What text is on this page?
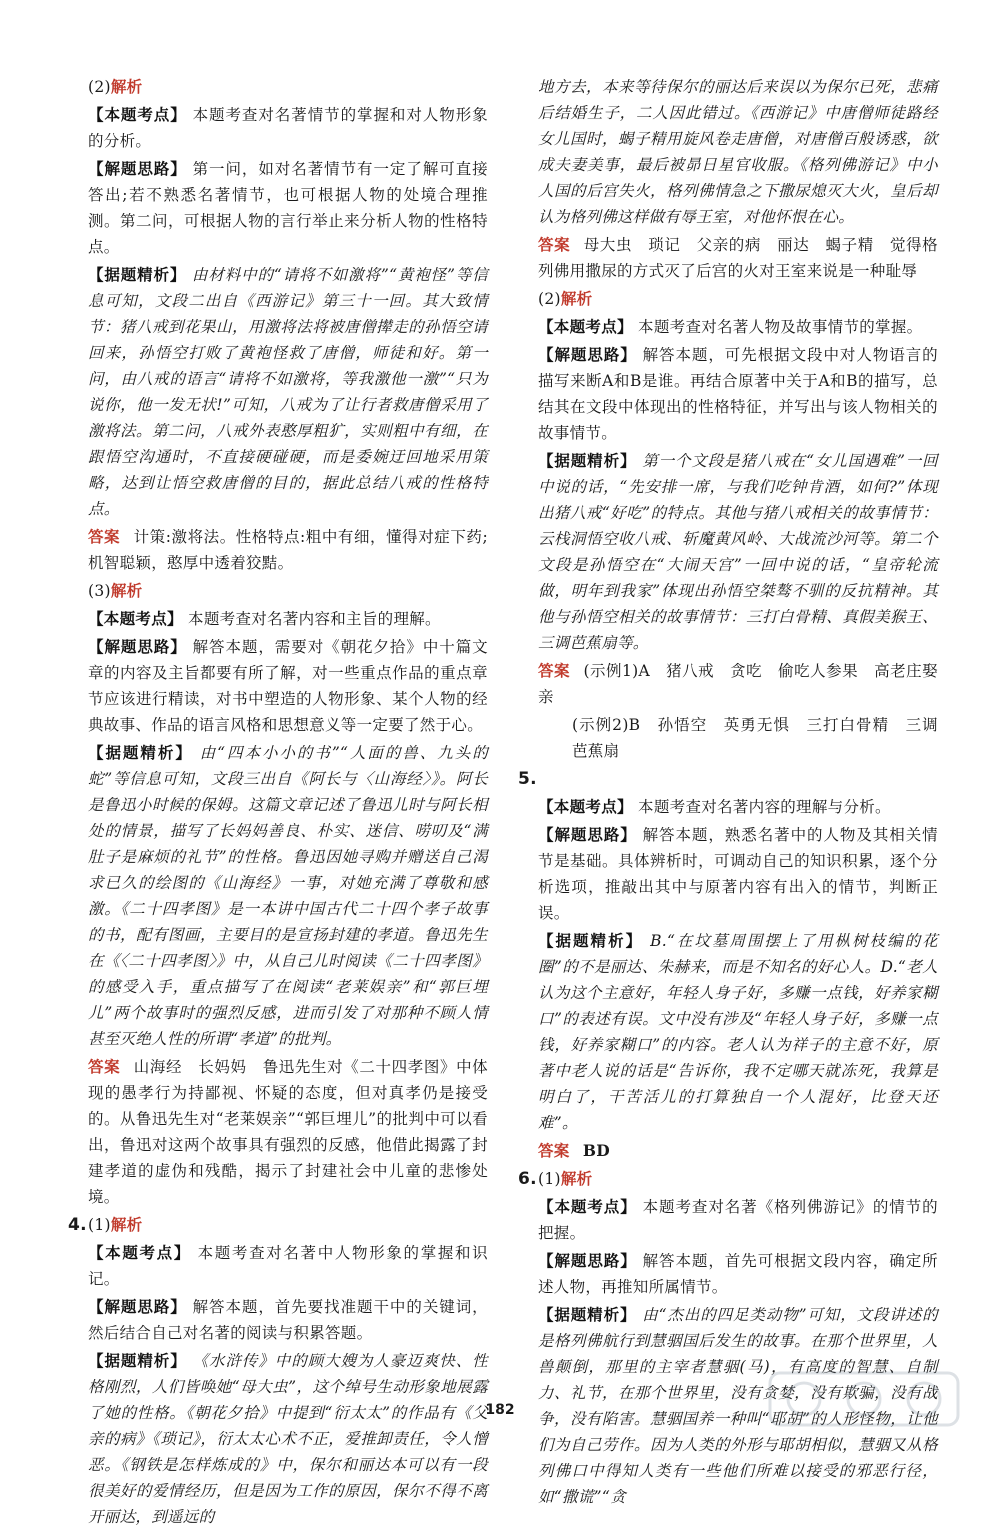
(2)解析
【本题考点】 本题考查对名著情节的掌握和对人物形象的分析。
【解题思路】 第一问，如对名著情节有一定了解可直接答出;若不熟悉名著情节，也可根据人物的处境合理推测。第二问，可根据人物的言行举止来分析人物的性格特点。
【据题精析】 由材料中的“请将不如激将”“黄袍怪”等信息可知，文段二出自《西游记》第三十一回。其大致情节：猪八戒到花果山，用激将法将被唐僧撵走的孙悟空请回来，孙悟空打败了黄袍怪救了唐僧，师徒和好。第一问，由八戒的语言“请将不如激将，等我激他一激”“只为说你，他一发无状!”可知，八戒为了让行者救唐僧采用了激将法。第二问，八戒外表憨厚粗犷，实则粗中有细，在跟悟空沟通时，不直接硬碰硬，而是委婉迂回地采用策略，达到让悟空救唐僧的目的，据此总结八戒的性格特点。
答案 计策:激将法。性格特点:粗中有细，懂得对症下药;机智聪颖，憨厚中透着狡黠。
(3)解析
【本题考点】 本题考查对名著内容和主旨的理解。
【解题思路】 解答本题，需要对《朝花夕拾》中十篇文章的内容及主旨都要有所了解，对一些重点作品的重点章节应该进行精读，对书中塑造的人物形象、某个人物的经典故事、作品的语言风格和思想意义等一定要了然于心。
【据题精析】 由“四本小小的书”“人面的兽、九头的蛇”等信息可知，文段三出自《阿长与〈山海经〉》。阿长是鲁迅小时候的保姆。这篇文章记述了鲁迅儿时与阿长相处的情景，描写了长妈妈善良、朴实、迷信、唠叨及“满肚子是麻烦的礼节”的性格。鲁迅因她寻购并赠送自己渴求已久的绘图的《山海经》一事，对她充满了尊敬和感激。《二十四孝图》是一本讲中国古代二十四个孝子故事的书，配有图画，主要目的是宣扬封建的孝道。鲁迅先生在《〈二十四孝图〉》中，从自己儿时阅读《二十四孝图》的感受入手，重点描写了在阅读“老莱娱亲”和“郭巨埋儿”两个故事时的强烈反感，进而引发了对那种不顾人情甚至灭绝人性的所谓“孝道”的批判。
答案 山海经　长妈妈　鲁迅先生对《二十四孝图》中体现的愚孝行为持鄙视、怀疑的态度，但对真孝仍是接受的。从鲁迅先生对“老莱娱亲”“郭巨埋儿”的批判中可以看出，鲁迅对这两个故事具有强烈的反感，他借此揭露了封建孝道的虚伪和残酷，揭示了封建社会中儿童的悲惨处境。
4.(1)解析
【本题考点】 本题考查对名著中人物形象的掌握和识记。
【解题思路】 解答本题，首先要找准题干中的关键词，然后结合自己对名著的阅读与积累答题。
【据题精析】 《水浒传》中的顾大嫂为人豪迈爽快、性格刚烈，人们皆唤她“母大虫”，这个绰号生动形象地展露了她的性格。《朝花夕拾》中提到“衍太太”的作品有《父亲的病》《琐记》，衍太太心术不正，爱推卸责任，令人憎恶。《钢铁是怎样炼成的》中，保尔和丽达本可以有一段很美好的爱情经历，但是因为工作的原因，保尔不得不离开丽达，到遥远的
地方去，本来等待保尔的丽达后来误以为保尔已死，悲痛后结婚生子，二人因此错过。《西游记》中唐僧师徒路经女儿国时，蝎子精用旋风卷走唐僧，对唐僧百般诱惑，欲成夫妻美事，最后被昴日星官收服。《格列佛游记》中小人国的后宫失火，格列佛情急之下撒尿熄灭大火，皇后却认为格列佛这样做有辱王室，对他怀恨在心。
答案 母大虫　琐记　父亲的病　丽达　蝎子精　觉得格列佛用撒尿的方式灭了后宫的火对王室来说是一种耻辱
(2)解析
【本题考点】 本题考查对名著人物及故事情节的掌握。
【解题思路】 解答本题，可先根据文段中对人物语言的描写来断A和B是谁。再结合原著中关于A和B的描写，总结其在文段中体现出的性格特征，并写出与该人物相关的故事情节。
【据题精析】 第一个文段是猪八戒在“女儿国遇难”一回中说的话，“先安排一席，与我们吃钟肯酒，如何?”体现出猪八戒“好吃”的特点。其他与猪八戒相关的故事情节：云栈洞悟空收八戒、斩魔黄风岭、大战流沙河等。第二个文段是孙悟空在“大闹天宫”一回中说的话，“皇帝轮流做，明年到我家”体现出孙悟空桀骜不驯的反抗精神。其他与孙悟空相关的故事情节：三打白骨精、真假美猴王、三调芭蕉扇等。
答案 (示例1)A　猪八戒　贪吃　偷吃人参果　高老庄娶亲
(示例2)B　孙悟空　英勇无惧　三打白骨精　三调芭蕉扇
5.
【本题考点】 本题考查对名著内容的理解与分析。
【解题思路】 解答本题，熟悉名著中的人物及其相关情节是基础。具体辨析时，可调动自己的知识积累，逐个分析选项，推敲出其中与原著内容有出入的情节，判断正误。
【据题精析】 B.“在坟墓周围摆上了用枞树枝编的花圈”的不是丽达、朱赫来，而是不知名的好心人。D.“老人认为这个主意好，年轻人身子好，多赚一点钱，好养家糊口”的表述有误。文中没有涉及“年轻人身子好，多赚一点钱，好养家糊口”的内容。老人认为祥子的主意不好，原著中老人说的话是“告诉你，我不定哪天就冻死，我算是明白了，干苦活儿的打算独自一个人混好，比登天还难”。
答案 BD
6.(1)解析
【本题考点】 本题考查对名著《格列佛游记》的情节的把握。
【解题思路】 解答本题，首先可根据文段内容，确定所述人物，再推知所属情节。
【据题精析】 由“杰出的四足类动物”可知，文段讲述的是格列佛航行到慧骃国后发生的故事。在那个世界里，人兽颠倒，那里的主宰者慧骃(马)，有高度的智慧、自制力、礼节，在那个世界里，没有贪婪，没有欺骗，没有战争，没有陷害。慧骃国养一种叫“耶胡”的人形怪物，让他们为自己劳作。因为人类的外形与耶胡相似，慧骃又从格列佛口中得知人类有一些他们所难以接受的邪恶行径，如“撒谎”“贪
182
